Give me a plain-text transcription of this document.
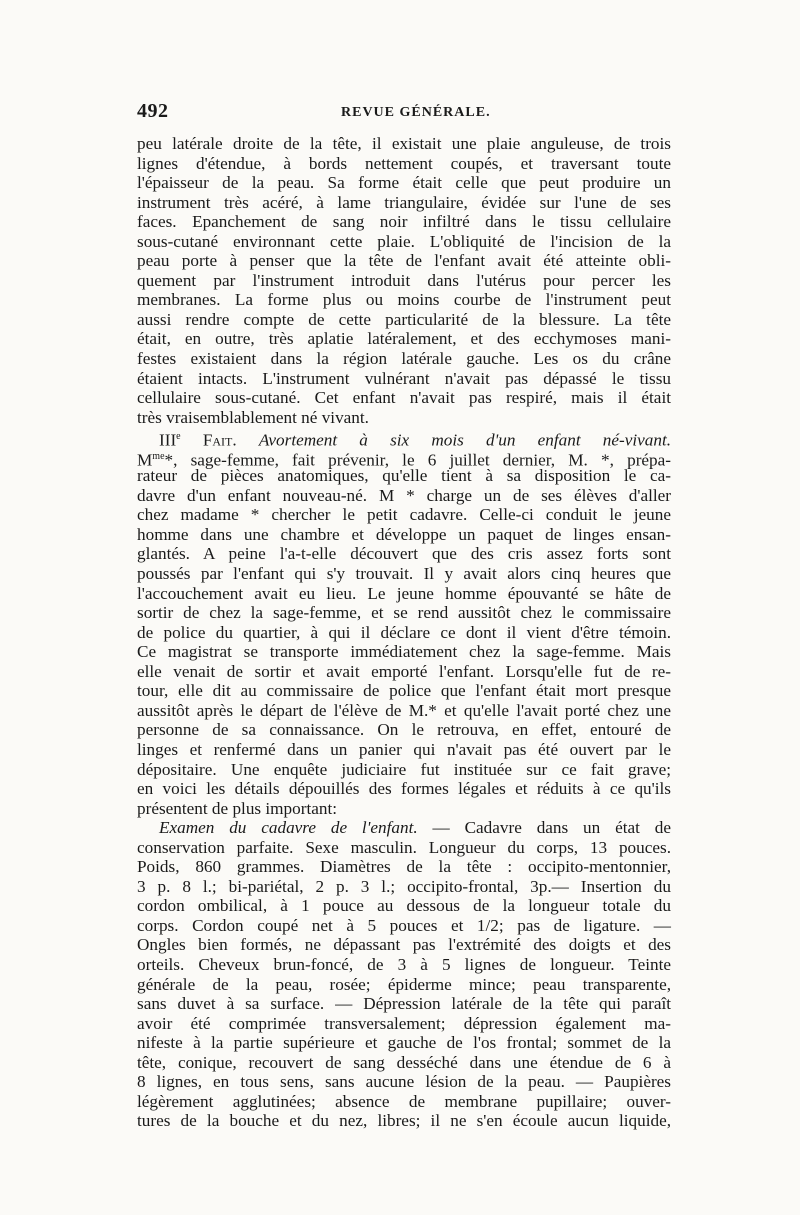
492	REVUE GÉNÉRALE.
peu latérale droite de la tête, il existait une plaie anguleuse, de trois
lignes d'étendue, à bords nettement coupés, et traversant toute
l'épaisseur de la peau. Sa forme était celle que peut produire un
instrument très acéré, à lame triangulaire, évidée sur l'une de ses
faces. Epanchement de sang noir infiltré dans le tissu cellulaire
sous-cutané environnant cette plaie. L'obliquité de l'incision de la
peau porte à penser que la tête de l'enfant avait été atteinte obli-
quement par l'instrument introduit dans l'utérus pour percer les
membranes. La forme plus ou moins courbe de l'instrument peut
aussi rendre compte de cette particularité de la blessure. La tête
était, en outre, très aplatie latéralement, et des ecchymoses mani-
festes existaient dans la région latérale gauche. Les os du crâne
étaient intacts. L'instrument vulnérant n'avait pas dépassé le tissu
cellulaire sous-cutané. Cet enfant n'avait pas respiré, mais il était
très vraisemblablement né vivant.
IIIe Fait. Avortement à six mois d'un enfant né-vivant.
$M^{me}*$, sage-femme, fait prévenir, le 6 juillet dernier, M. *, prépa-
rateur de pièces anatomiques, qu'elle tient à sa disposition le ca-
davre d'un enfant nouveau-né. M * charge un de ses élèves d'aller
chez madame * chercher le petit cadavre. Celle-ci conduit le jeune
homme dans une chambre et développe un paquet de linges ensan-
glantés. A peine l'a-t-elle découvert que des cris assez forts sont
poussés par l'enfant qui s'y trouvait. Il y avait alors cinq heures que
l'accouchement avait eu lieu. Le jeune homme épouvanté se hâte de
sortir de chez la sage-femme, et se rend aussitôt chez le commissaire
de police du quartier, à qui il déclare ce dont il vient d'être témoin.
Ce magistrat se transporte immédiatement chez la sage-femme. Mais
elle venait de sortir et avait emporté l'enfant. Lorsqu'elle fut de re-
tour, elle dit au commissaire de police que l'enfant était mort presque
aussitôt après le départ de l'élève de M.* et qu'elle l'avait porté chez une
personne de sa connaissance. On le retrouva, en effet, entouré de
linges et renfermé dans un panier qui n'avait pas été ouvert par le
dépositaire. Une enquête judiciaire fut instituée sur ce fait grave;
en voici les détails dépouillés des formes légales et réduits à ce qu'ils
présentent de plus important:
Examen du cadavre de l'enfant. — Cadavre dans un état de
conservation parfaite. Sexe masculin. Longueur du corps, 13 pouces.
Poids, 860 grammes. Diamètres de la tête : occipito-mentonnier,
3 p. 8 l.; bi-pariétal, 2 p. 3 l.; occipito-frontal, 3p.— Insertion du
cordon ombilical, à 1 pouce au dessous de la longueur totale du
corps. Cordon coupé net à 5 pouces et 1/2; pas de ligature. —
Ongles bien formés, ne dépassant pas l'extrémité des doigts et des
orteils. Cheveux brun-foncé, de 3 à 5 lignes de longueur. Teinte
générale de la peau, rosée; épiderme mince; peau transparente,
sans duvet à sa surface. — Dépression latérale de la tête qui paraît
avoir été comprimée transversalement; dépression également ma-
nifeste à la partie supérieure et gauche de l'os frontal; sommet de la
tête, conique, recouvert de sang desséché dans une étendue de 6 à
8 lignes, en tous sens, sans aucune lésion de la peau. — Paupières
légèrement agglutinées; absence de membrane pupillaire; ouver-
tures de la bouche et du nez, libres; il ne s'en écoule aucun liquide,
